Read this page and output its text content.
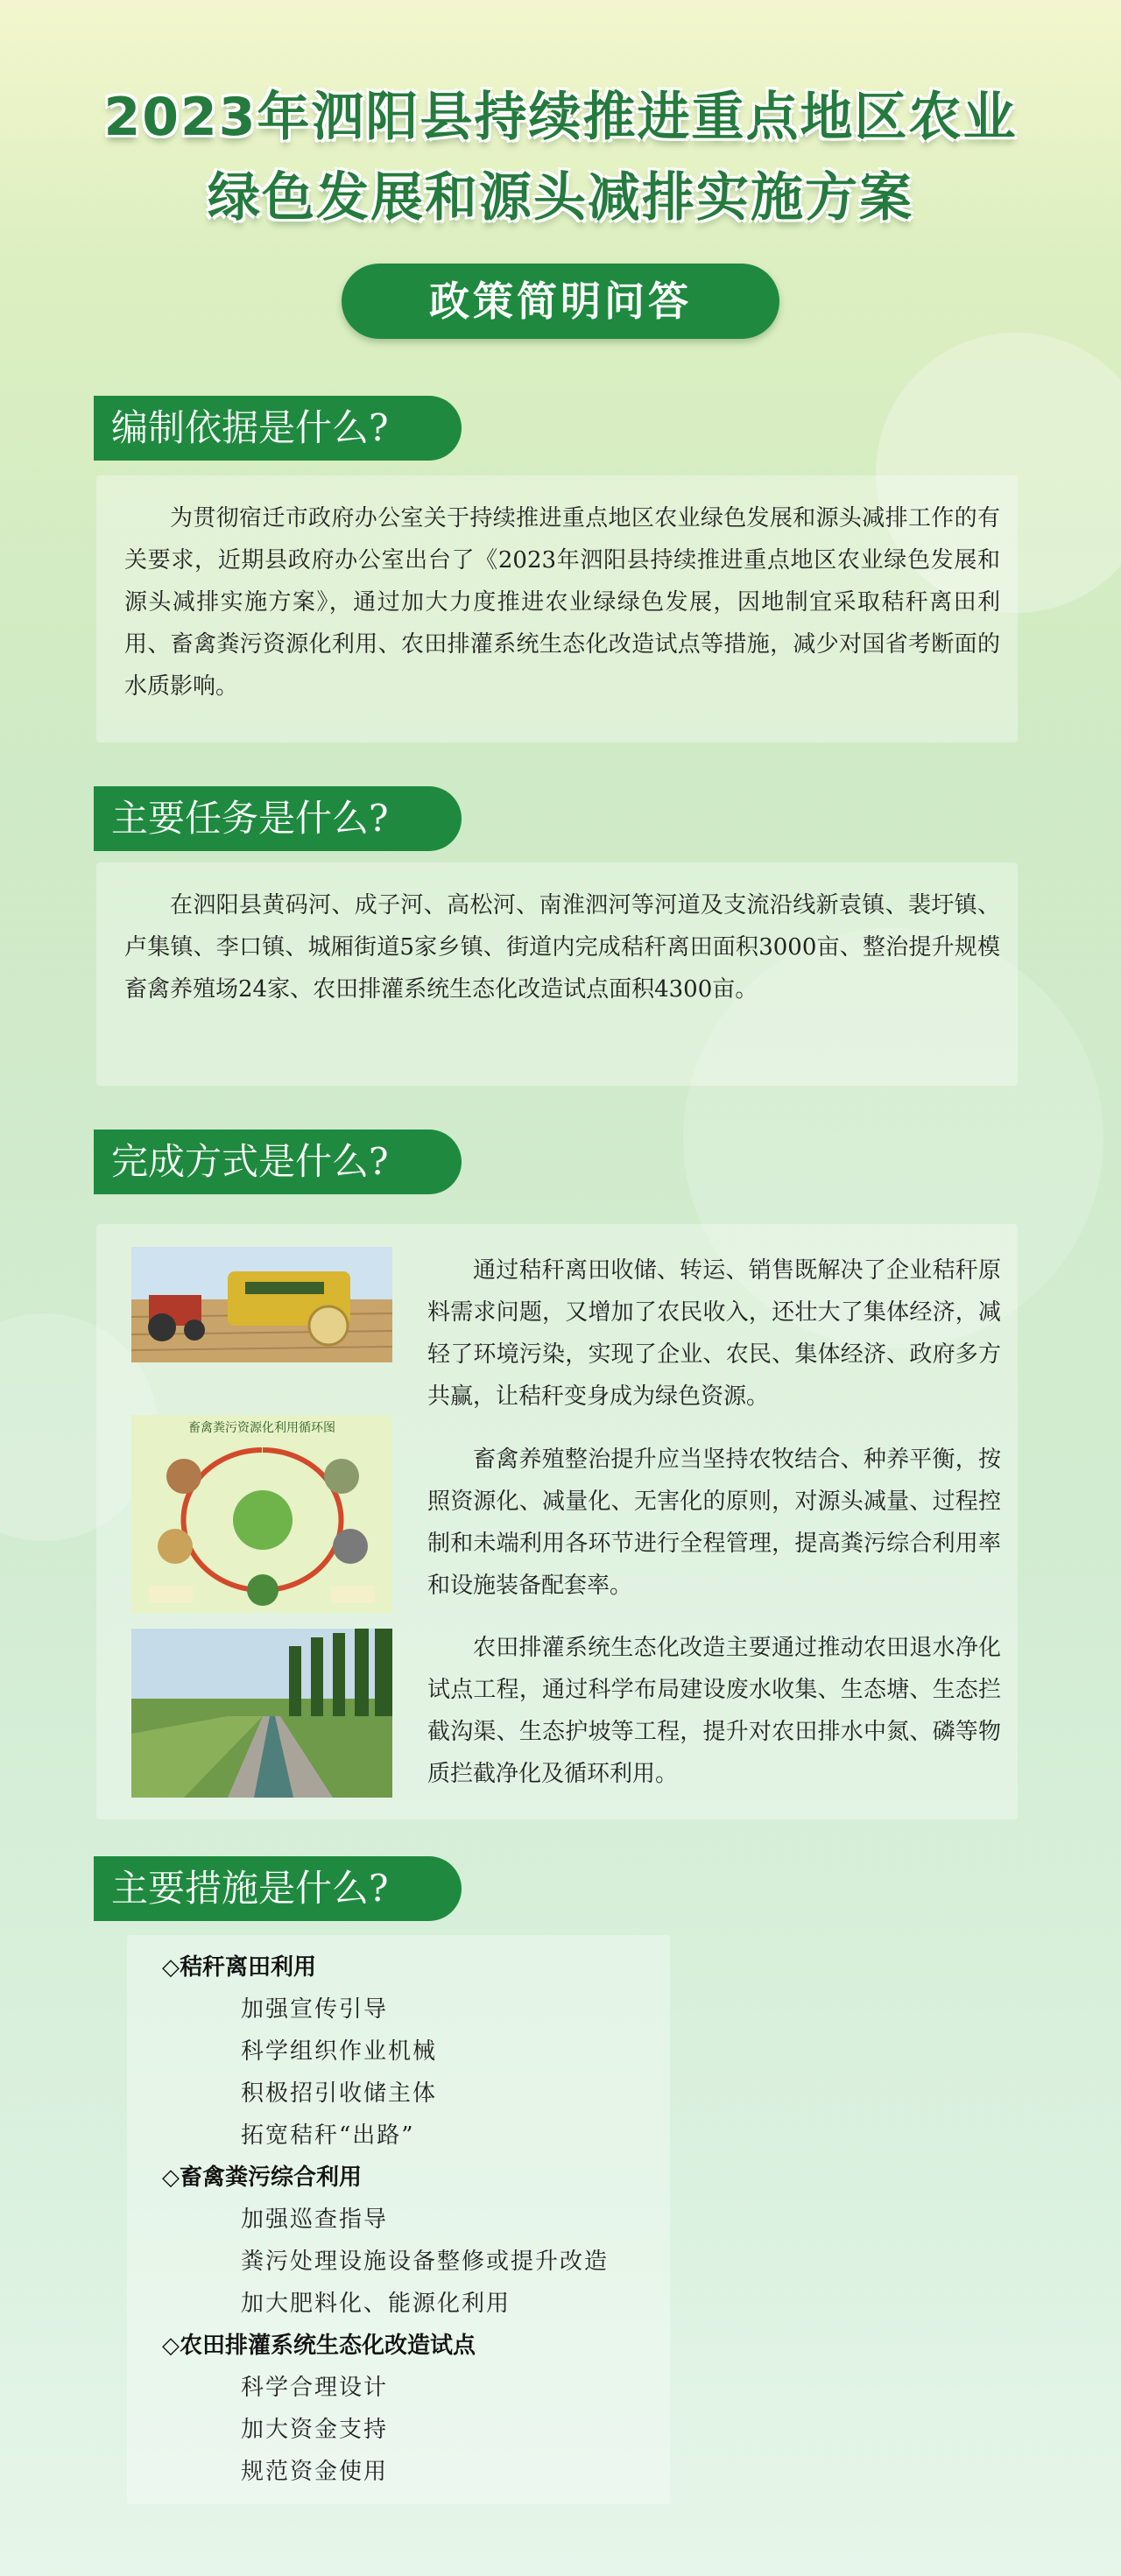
2023年泗阳县持续推进重点地区农业
绿色发展和源头减排实施方案
政策简明问答
编制依据是什么?

为贯彻宿迁市政府办公室关于持续推进重点地区农业绿色发展和源头减排工作的有关要求，近期县政府办公室出台了《2023年泗阳县持续推进重点地区农业绿色发展和源头减排实施方案》，通过加大力度推进农业绿绿色发展，因地制宜采取秸秆离田利用、畜禽粪污资源化利用、农田排灌系统生态化改造试点等措施，减少对国省考断面的水质影响。

主要任务是什么?

在泗阳县黄码河、成子河、高松河、南淮泗河等河道及支流沿线新袁镇、裴圩镇、卢集镇、李口镇、城厢街道5家乡镇、街道内完成秸秆离田面积3000亩、整治提升规模畜禽养殖场24家、农田排灌系统生态化改造试点面积4300亩。

完成方式是什么?
畜禽粪污资源化利用循环图

通过秸秆离田收储、转运、销售既解决了企业秸秆原料需求问题，又增加了农民收入，还壮大了集体经济，减轻了环境污染，实现了企业、农民、集体经济、政府多方共赢，让秸秆变身成为绿色资源。

畜禽养殖整治提升应当坚持农牧结合、种养平衡，按照资源化、减量化、无害化的原则，对源头减量、过程控制和未端利用各环节进行全程管理，提高粪污综合利用率和设施装备配套率。

农田排灌系统生态化改造主要通过推动农田退水净化试点工程，通过科学布局建设废水收集、生态塘、生态拦截沟渠、生态护坡等工程，提升对农田排水中氮、磷等物质拦截净化及循环利用。

主要措施是什么?
◇秸秆离田利用
加强宣传引导
科学组织作业机械
积极招引收储主体
拓宽秸秆“出路”
◇畜禽粪污综合利用
加强巡查指导
粪污处理设施设备整修或提升改造
加大肥料化、能源化利用
◇农田排灌系统生态化改造试点
科学合理设计
加大资金支持
规范资金使用
